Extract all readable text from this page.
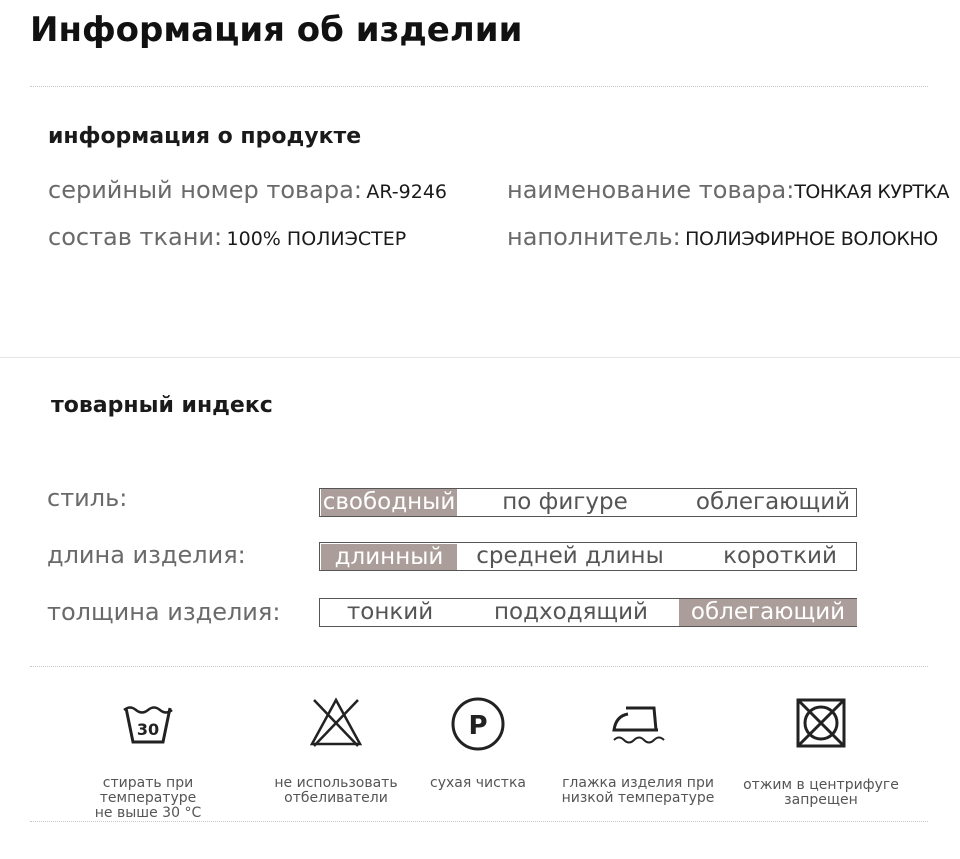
Информация об изделии
информация о продукте
серийный номер товара: AR-9246 наименование товара:ТОНКАЯ КУРТКА
состав ткани: 100% ПОЛИЭСТЕР	наполнитель: ПОЛИЭФИРНОЕ ВОЛОКНО
товарный индекс
стиль:	свободный	по фигуре	облегающий
длина изделия:	длинный	средней длины	короткий
толщина изделия:	тонкий	подходящий	облегающий
30
стирать при температуре
не выше 30 °C
не использовать
отбеливатели
P
сухая чистка	глажка изделия при
низкой температуре
отжим в центрифуге
запрещен
